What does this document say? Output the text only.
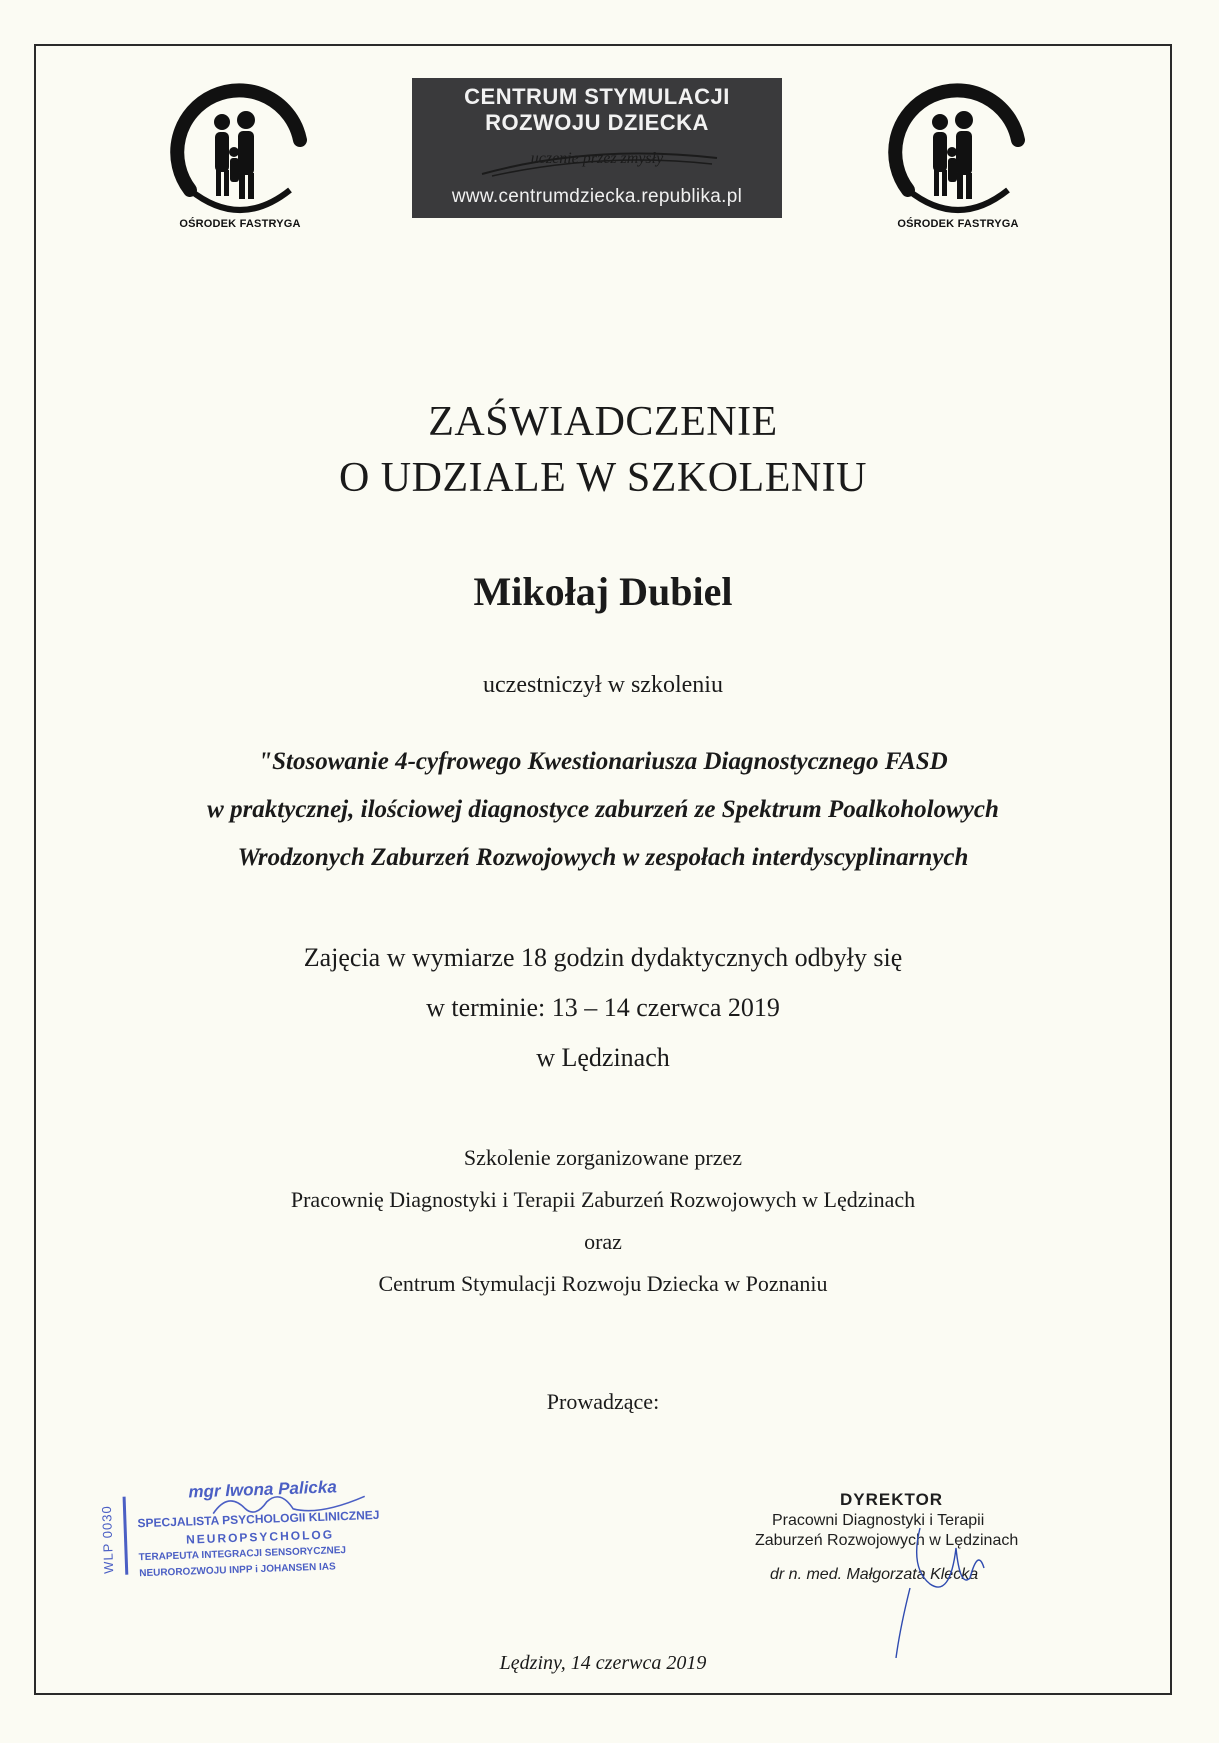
OŚRODEK FASTRYGA
CENTRUM STYMULACJI
ROZWOJU DZIECKA
uczenie przez zmysły
www.centrumdziecka.republika.pl
OŚRODEK FASTRYGA
ZAŚWIADCZENIE
O UDZIALE W SZKOLENIU
Mikołaj Dubiel
uczestniczył w szkoleniu
"Stosowanie 4-cyfrowego Kwestionariusza Diagnostycznego FASD
w praktycznej, ilościowej diagnostyce zaburzeń ze Spektrum Poalkoholowych
Wrodzonych Zaburzeń Rozwojowych w zespołach interdyscyplinarnych
Zajęcia w wymiarze 18 godzin dydaktycznych odbyły się
w terminie: 13 – 14 czerwca 2019
w Lędzinach
Szkolenie zorganizowane przez
Pracownię Diagnostyki i Terapii Zaburzeń Rozwojowych w Lędzinach
oraz
Centrum Stymulacji Rozwoju Dziecka w Poznaniu
Prowadzące:
WLP 0030
mgr Iwona Palicka
SPECJALISTA PSYCHOLOGII KLINICZNEJ
NEUROPSYCHOLOG
TERAPEUTA INTEGRACJI SENSORYCZNEJ
NEUROROZWOJU INPP i JOHANSEN IAS
DYREKTOR
Pracowni Diagnostyki i Terapii
Zaburzeń Rozwojowych w Lędzinach
dr n. med. Małgorzata Klecka
Lędziny, 14 czerwca 2019
